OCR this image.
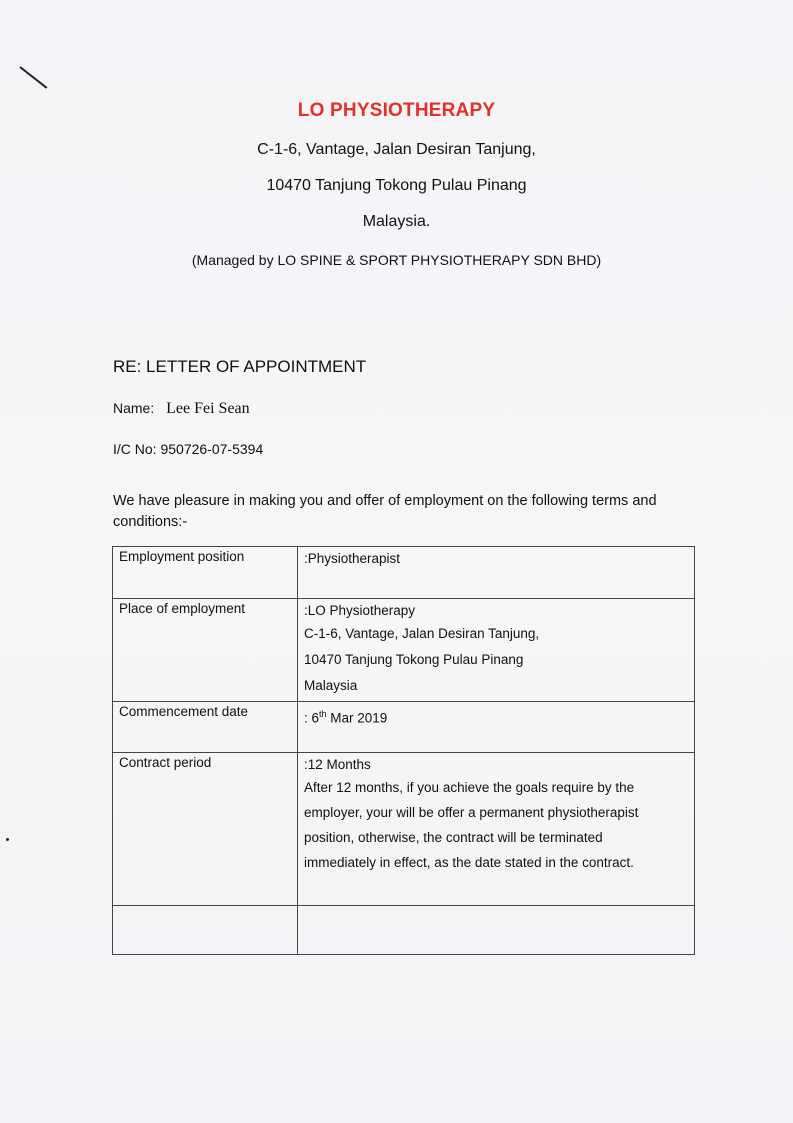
LO PHYSIOTHERAPY
C-1-6, Vantage, Jalan Desiran Tanjung,
10470 Tanjung Tokong Pulau Pinang
Malaysia.
(Managed by LO SPINE & SPORT PHYSIOTHERAPY SDN BHD)
RE: LETTER OF APPOINTMENT
Name: Lee Fei Sean
I/C No: 950726-07-5394
We have pleasure in making you and offer of employment on the following terms and conditions:-
Employment position	:Physiotherapist

Place of employment	:LO Physiotherapy
C-1-6, Vantage, Jalan Desiran Tanjung,
10470 Tanjung Tokong Pulau Pinang
Malaysia

Commencement date	: 6th Mar 2019

Contract period	:12 Months
After 12 months, if you achieve the goals require by the
employer, your will be offer a permanent physiotherapist
position, otherwise, the contract will be terminated
immediately in effect, as the date stated in the contract.
